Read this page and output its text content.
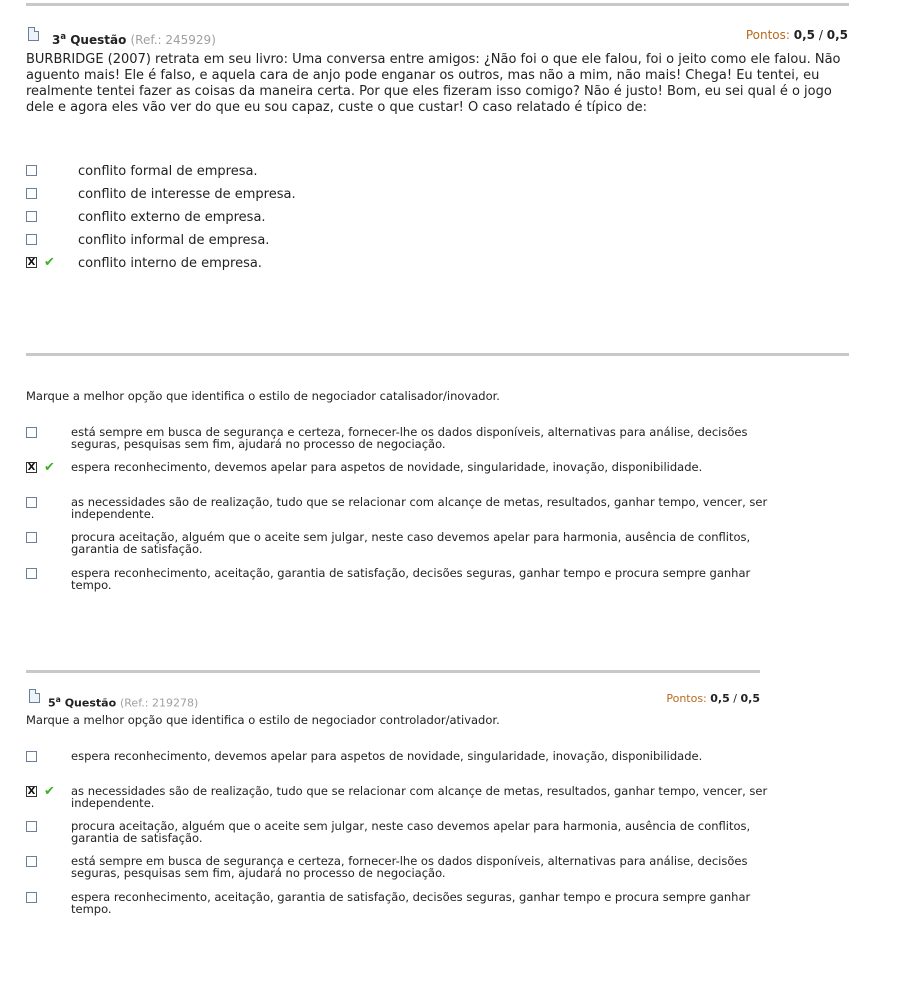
3$^a$ Questão (Ref.: 245929)	Pontos: 0,5 / 0,5
BURBRIDGE (2007) retrata em seu livro: Uma conversa entre amigos: ¿Não foi o que ele falou, foi o jeito como ele falou. Não aguento mais! Ele é falso, e aquela cara de anjo pode enganar os outros, mas não a mim, não mais! Chega! Eu tentei, eu realmente tentei fazer as coisas da maneira certa. Por que eles fizeram isso comigo? Não é justo! Bom, eu sei qual é o jogo dele e agora eles vão ver do que eu sou capaz, custe o que custar! O caso relatado é típico de:
conflito formal de empresa.
conflito de interesse de empresa.
conflito externo de empresa.
conflito informal de empresa.
X ✔ conflito interno de empresa.
Marque a melhor opção que identifica o estilo de negociador catalisador/inovador.
está sempre em busca de segurança e certeza, fornecer-lhe os dados disponíveis, alternativas para análise, decisões seguras, pesquisas sem fim, ajudará no processo de negociação.
X ✔ espera reconhecimento, devemos apelar para aspetos de novidade, singularidade, inovação, disponibilidade.
as necessidades são de realização, tudo que se relacionar com alcançe de metas, resultados, ganhar tempo, vencer, ser independente.
procura aceitação, alguém que o aceite sem julgar, neste caso devemos apelar para harmonia, ausência de conflitos, garantia de satisfação.
espera reconhecimento, aceitação, garantia de satisfação, decisões seguras, ganhar tempo e procura sempre ganhar tempo.
5$^a$ Questão (Ref.: 219278)	Pontos: 0,5 / 0,5
Marque a melhor opção que identifica o estilo de negociador controlador/ativador.
espera reconhecimento, devemos apelar para aspetos de novidade, singularidade, inovação, disponibilidade.
X ✔ as necessidades são de realização, tudo que se relacionar com alcançe de metas, resultados, ganhar tempo, vencer, ser independente.
procura aceitação, alguém que o aceite sem julgar, neste caso devemos apelar para harmonia, ausência de conflitos, garantia de satisfação.
está sempre em busca de segurança e certeza, fornecer-lhe os dados disponíveis, alternativas para análise, decisões seguras, pesquisas sem fim, ajudará no processo de negociação.
espera reconhecimento, aceitação, garantia de satisfação, decisões seguras, ganhar tempo e procura sempre ganhar tempo.
